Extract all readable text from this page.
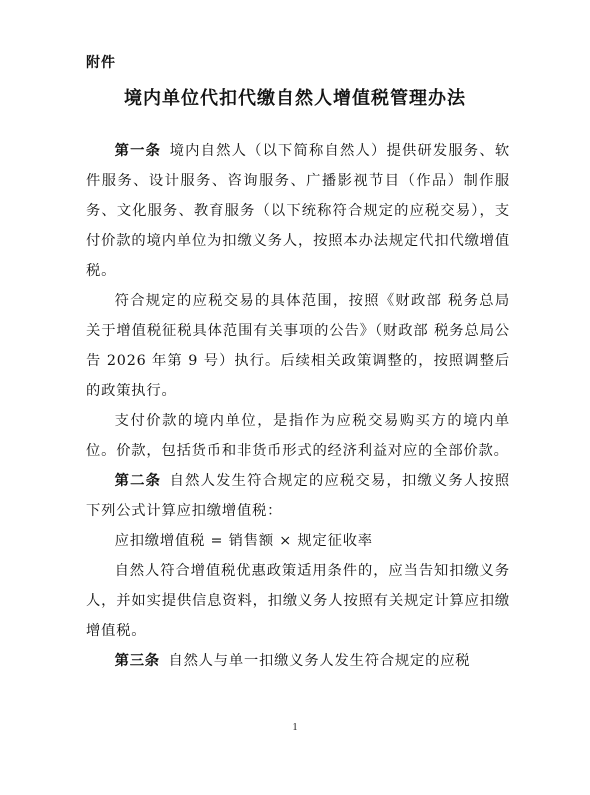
附件
境内单位代扣代缴自然人增值税管理办法

第一条 境内自然人（以下简称自然人）提供研发服务、软件服务、设计服务、咨询服务、广播影视节目（作品）制作服务、文化服务、教育服务（以下统称符合规定的应税交易），支付价款的境内单位为扣缴义务人，按照本办法规定代扣代缴增值税。

符合规定的应税交易的具体范围，按照《财政部 税务总局关于增值税征税具体范围有关事项的公告》（财政部 税务总局公告 2026 年第 9 号）执行。后续相关政策调整的，按照调整后的政策执行。

支付价款的境内单位，是指作为应税交易购买方的境内单位。价款，包括货币和非货币形式的经济利益对应的全部价款。

第二条 自然人发生符合规定的应税交易，扣缴义务人按照下列公式计算应扣缴增值税：

应扣缴增值税 = 销售额 × 规定征收率

自然人符合增值税优惠政策适用条件的，应当告知扣缴义务人，并如实提供信息资料，扣缴义务人按照有关规定计算应扣缴增值税。

第三条 自然人与单一扣缴义务人发生符合规定的应税

1
